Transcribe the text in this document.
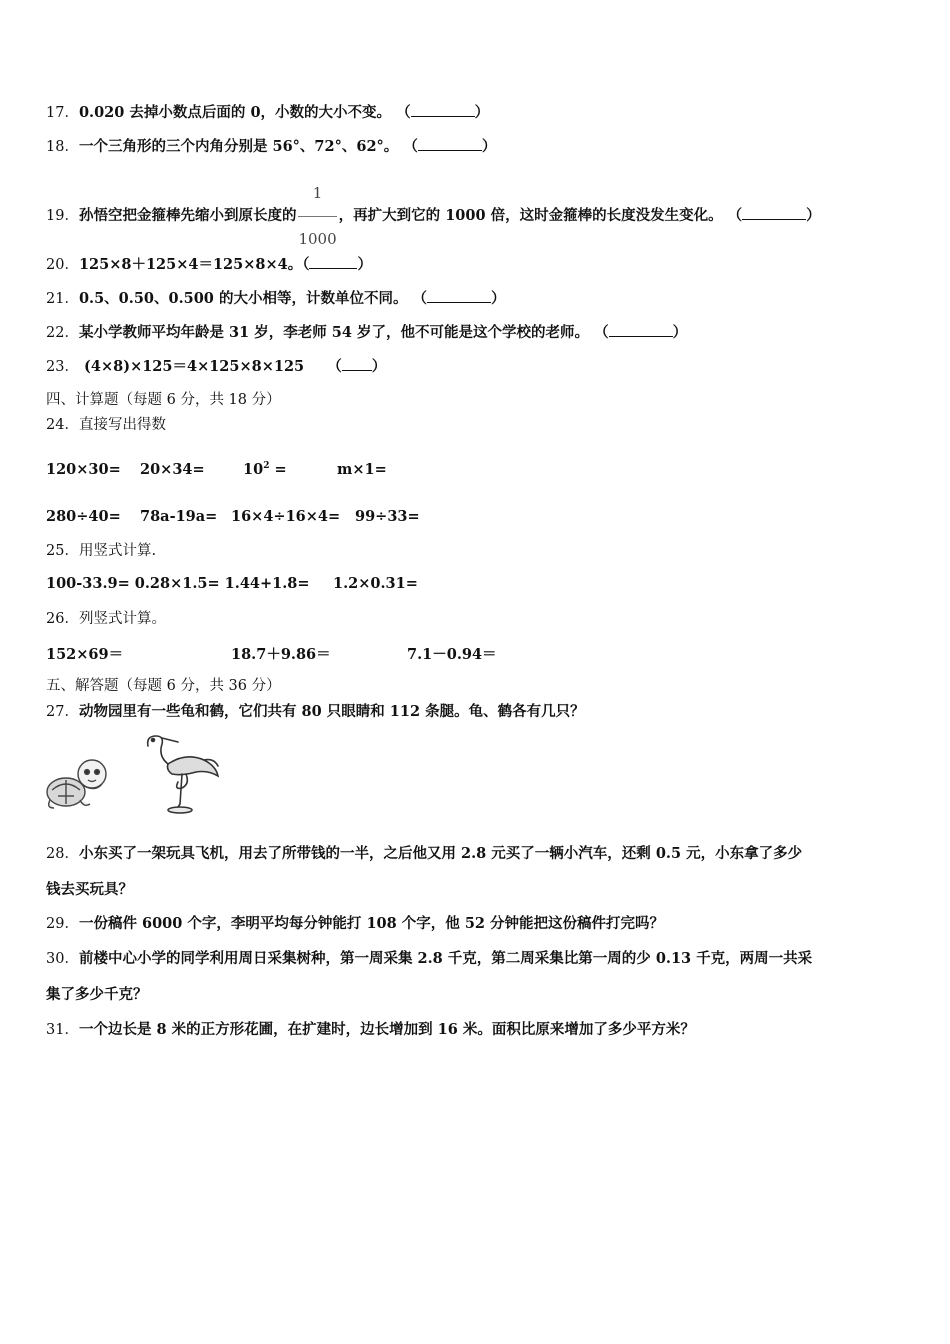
17．0.020 去掉小数点后面的 0，小数的大小不变。 （	）
18．一个三角形的三个内角分别是 56°、72°、62°。 （	）
19．孙悟空把金箍棒先缩小到原长度的 $\frac{1}{1000}$ ，再扩大到它的 1000 倍，这时金箍棒的长度没发生变化。 （	）
20．125×8＋125×4＝125×8×4。（	）
21．0.5、0.50、0.500 的大小相等，计数单位不同。 （	）
22．某小学教师平均年龄是 31 岁，李老师 54 岁了，他不可能是这个学校的老师。 （	）
23． (4×8)×125＝4×125×8×125 （ ）
四、计算题（每题 6 分，共 18 分）
24．直接写出得数
120×30= 20×34=	$10^2$ =	m×1=
280÷40= 78a-19a= 16×4÷16×4= 99÷33=
25．用竖式计算.
100-33.9= 0.28×1.5= 1.44+1.8= 1.2×0.31=
26．列竖式计算。
152×69＝	18.7＋9.86＝	7.1－0.94＝
五、解答题（每题 6 分，共 36 分）
27．动物园里有一些龟和鹤，它们共有 80 只眼睛和 112 条腿。龟、鹤各有几只？
28．小东买了一架玩具飞机，用去了所带钱的一半，之后他又用 2.8 元买了一辆小汽车，还剩 0.5 元，小东拿了多少
钱去买玩具？
29．一份稿件 6000 个字，李明平均每分钟能打 108 个字，他 52 分钟能把这份稿件打完吗？
30．前楼中心小学的同学利用周日采集树种，第一周采集 2.8 千克，第二周采集比第一周的少 0.13 千克，两周一共采
集了多少千克？
31．一个边长是 8 米的正方形花圃，在扩建时，边长增加到 16 米。面积比原来增加了多少平方米？
